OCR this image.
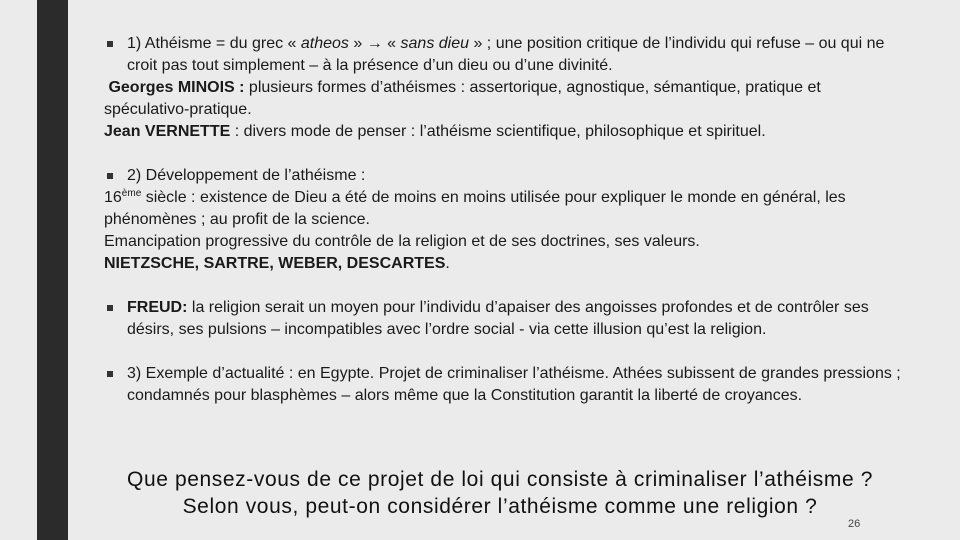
1) Athéisme = du grec « atheos » → « sans dieu » ; une position critique de l’individu qui refuse – ou qui ne croit pas tout simplement – à la présence d’un dieu ou d’une divinité.
Georges MINOIS : plusieurs formes d’athéismes : assertorique, agnostique, sémantique, pratique et spéculativo-pratique.
Jean VERNETTE : divers mode de penser : l’athéisme scientifique, philosophique et spirituel.
2) Développement de l’athéisme :
16ème siècle : existence de Dieu a été de moins en moins utilisée pour expliquer le monde en général, les phénomènes ; au profit de la science.
Emancipation progressive du contrôle de la religion et de ses doctrines, ses valeurs.
NIETZSCHE, SARTRE, WEBER, DESCARTES.
FREUD: la religion serait un moyen pour l’individu d’apaiser des angoisses profondes et de contrôler ses désirs, ses pulsions – incompatibles avec l’ordre social - via cette illusion qu’est la religion.
3) Exemple d’actualité : en Egypte. Projet de criminaliser l’athéisme. Athées subissent de grandes pressions ; condamnés pour blasphèmes – alors même que la Constitution garantit la liberté de croyances.
Que pensez-vous de ce projet de loi qui consiste à criminaliser l’athéisme ?
Selon vous, peut-on considérer l’athéisme comme une religion ?
26
